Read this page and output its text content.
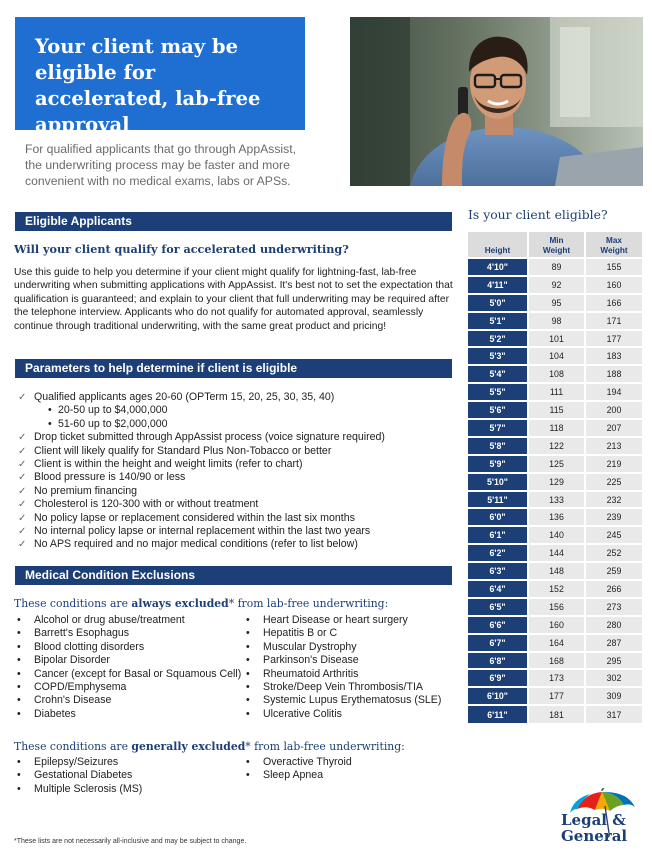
Your client may be eligible for accelerated, lab-free approval
For qualified applicants that go through AppAssist, the underwriting process may be faster and more convenient with no medical exams, labs or APSs.
Eligible Applicants
Will your client qualify for accelerated underwriting?
Use this guide to help you determine if your client might qualify for lightning-fast, lab-free underwriting when submitting applications with AppAssist. It's best not to set the expectation that qualification is guaranteed; and explain to your client that full underwriting may be required after the telephone interview. Applicants who do not qualify for automated approval, seamlessly continue through traditional underwriting, with the same great product and pricing!
Parameters to help determine if client is eligible
✓ Qualified applicants ages 20-60 (OPTerm 15, 20, 25, 30, 35, 40)
• 20-50 up to $4,000,000
• 51-60 up to $2,000,000
✓ Drop ticket submitted through AppAssist process (voice signature required)
✓ Client will likely qualify for Standard Plus Non-Tobacco or better
✓ Client is within the height and weight limits (refer to chart)
✓ Blood pressure is 140/90 or less
✓ No premium financing
✓ Cholesterol is 120-300 with or without treatment
✓ No policy lapse or replacement considered within the last six months
✓ No internal policy lapse or internal replacement within the last two years
✓ No APS required and no major medical conditions (refer to list below)
Medical Condition Exclusions
These conditions are always excluded* from lab-free underwriting:
• Alcohol or drug abuse/treatment
• Barrett's Esophagus
• Blood clotting disorders
• Bipolar Disorder
• Cancer (except for Basal or Squamous Cell)
• COPD/Emphysema
• Crohn's Disease
• Diabetes
• Heart Disease or heart surgery
• Hepatitis B or C
• Muscular Dystrophy
• Parkinson's Disease
• Rheumatoid Arthritis
• Stroke/Deep Vein Thrombosis/TIA
• Systemic Lupus Erythematosus (SLE)
• Ulcerative Colitis
These conditions are generally excluded* from lab-free underwriting:
• Epilepsy/Seizures
• Gestational Diabetes
• Multiple Sclerosis (MS)
• Overactive Thyroid
• Sleep Apnea
*These lists are not necessarily all-inclusive and may be subject to change.
Is your client eligible?
Height	Min Weight	Max Weight
4'10"	89	155
4'11"	92	160
5'0"	95	166
5'1"	98	171
5'2"	101	177
5'3"	104	183
5'4"	108	188
5'5"	111	194
5'6"	115	200
5'7"	118	207
5'8"	122	213
5'9"	125	219
5'10"	129	225
5'11"	133	232
6'0"	136	239
6'1"	140	245
6'2"	144	252
6'3"	148	259
6'4"	152	266
6'5"	156	273
6'6"	160	280
6'7"	164	287
6'8"	168	295
6'9"	173	302
6'10"	177	309
6'11"	181	317
Legal &
General
